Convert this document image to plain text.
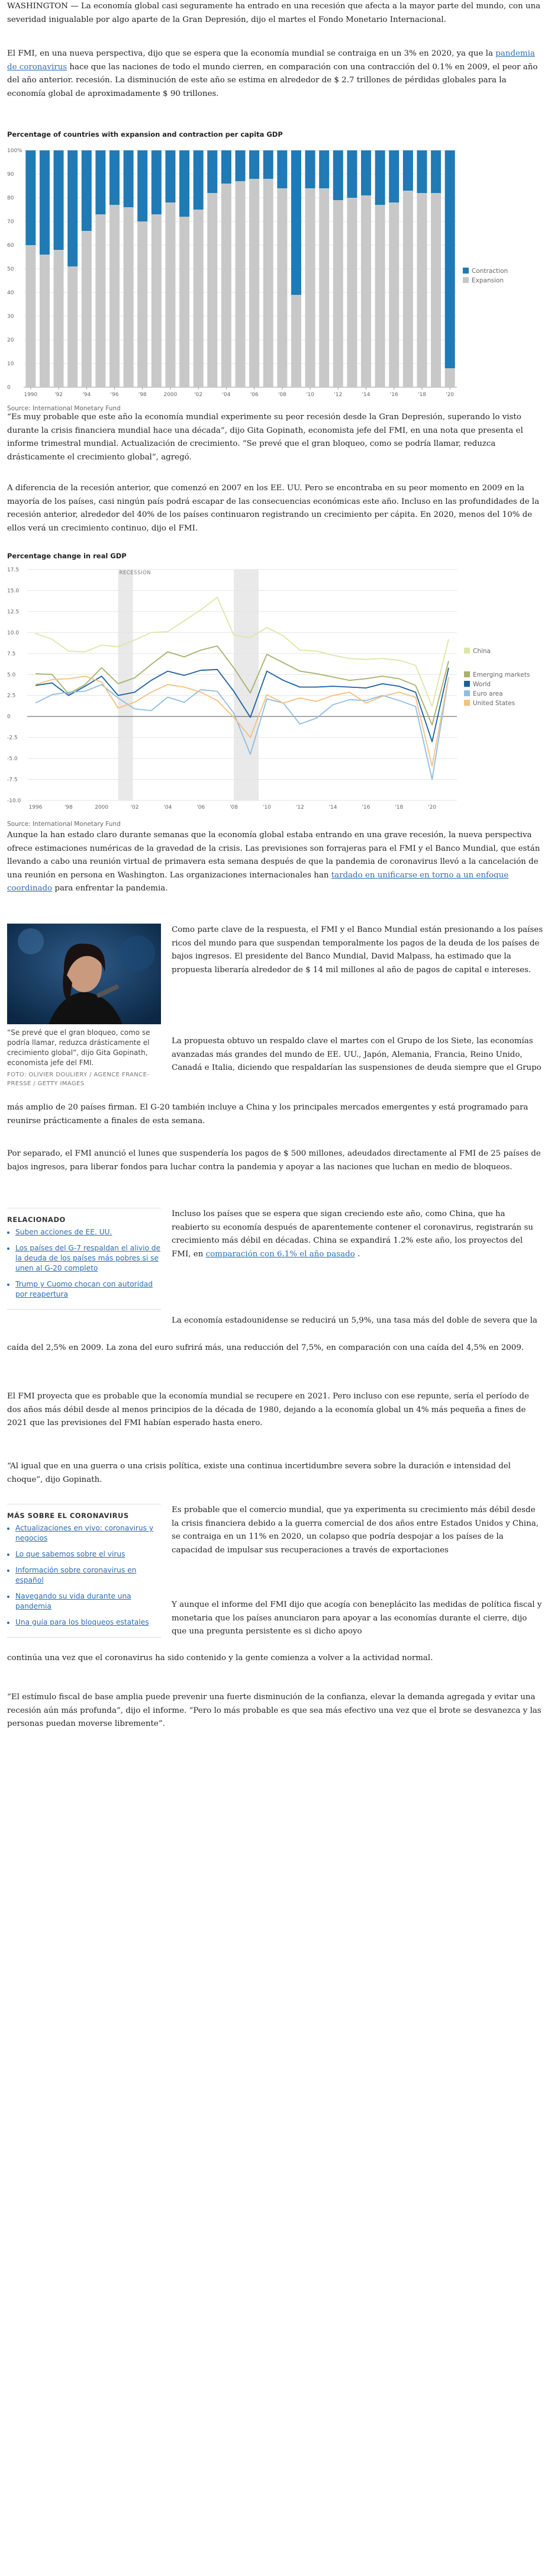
WASHINGTON — La economía global casi seguramente ha entrado en una recesión que afecta a la mayor parte del mundo, con una severidad inigualable por algo aparte de la Gran Depresión, dijo el martes el Fondo Monetario Internacional.

El FMI, en una nueva perspectiva, dijo que se espera que la economía mundial se contraiga en un 3% en 2020, ya que la pandemia de coronavirus hace que las naciones de todo el mundo cierren, en comparación con una contracción del 0.1% en 2009, el peor año del año anterior. recesión. La disminución de este año se estima en alrededor de $ 2.7 trillones de pérdidas globales para la economía global de aproximadamente $ 90 trillones.

Percentage of countries with expansion and contraction per capita GDP
0
10
20
30
40
50
60
70
80
90
100%
1990	'92	'94	'96	'98	2000	'02	'04	'06	'08	'10	'12	'14	'16	'18	'20
Contraction
Expansion
Source: International Monetary Fund

“Es muy probable que este año la economía mundial experimente su peor recesión desde la Gran Depresión, superando lo visto durante la crisis financiera mundial hace una década”, dijo Gita Gopinath, economista jefe del FMI, en una nota que presenta el informe trimestral mundial. Actualización de crecimiento. “Se prevé que el gran bloqueo, como se podría llamar, reduzca drásticamente el crecimiento global”, agregó.

A diferencia de la recesión anterior, que comenzó en 2007 en los EE. UU. Pero se encontraba en su peor momento en 2009 en la mayoría de los países, casi ningún país podrá escapar de las consecuencias económicas este año. Incluso en las profundidades de la recesión anterior, alrededor del 40% de los países continuaron registrando un crecimiento per cápita. En 2020, menos del 10% de ellos verá un crecimiento continuo, dijo el FMI.

Percentage change in real GDP
RECESSION
17.5
15.0
12.5
10.0
7.5
5.0
2.5
0
-2.5
-5.0
-7.5
-10.0
1996	'98	2000	'02	'04	'06	'08	'10	'12	'14	'16	'18	'20
China
Emerging markets
World
Euro area
United States
Source: International Monetary Fund

Aunque la han estado claro durante semanas que la economía global estaba entrando en una grave recesión, la nueva perspectiva ofrece estimaciones numéricas de la gravedad de la crisis. Las previsiones son forrajeras para el FMI y el Banco Mundial, que están llevando a cabo una reunión virtual de primavera esta semana después de que la pandemia de coronavirus llevó a la cancelación de una reunión en persona en Washington. Las organizaciones internacionales han tardado en unificarse en torno a un enfoque coordinado para enfrentar la pandemia.

“Se prevé que el gran bloqueo, como se podría llamar, reduzca drásticamente el crecimiento global”, dijo Gita Gopinath, economista jefe del FMI.
FOTO: OLIVIER DOULIERY / AGENCE FRANCE-PRESSE / GETTY IMAGES

Como parte clave de la respuesta, el FMI y el Banco Mundial están presionando a los países ricos del mundo para que suspendan temporalmente los pagos de la deuda de los países de bajos ingresos. El presidente del Banco Mundial, David Malpass, ha estimado que la propuesta liberaría alrededor de $ 14 mil millones al año de pagos de capital e intereses.

La propuesta obtuvo un respaldo clave el martes con el Grupo de los Siete, las economías avanzadas más grandes del mundo de EE. UU., Japón, Alemania, Francia, Reino Unido, Canadá e Italia, diciendo que respaldarían las suspensiones de deuda siempre que el Grupo

más amplio de 20 países firman. El G-20 también incluye a China y los principales mercados emergentes y está programado para reunirse prácticamente a finales de esta semana.

Por separado, el FMI anunció el lunes que suspendería los pagos de $ 500 millones, adeudados directamente al FMI de 25 países de bajos ingresos, para liberar fondos para luchar contra la pandemia y apoyar a las naciones que luchan en medio de bloqueos.

RELACIONADO
• Suben acciones de EE. UU.
• Los países del G-7 respaldan el alivio de la deuda de los países más pobres si se unen al G-20 completo
• Trump y Cuomo chocan con autoridad por reapertura

Incluso los países que se espera que sigan creciendo este año, como China, que ha reabierto su economía después de aparentemente contener el coronavirus, registrarán su crecimiento más débil en décadas. China se expandirá 1.2% este año, los proyectos del FMI, en comparación con 6.1% el año pasado .

La economía estadounidense se reducirá un 5,9%, una tasa más del doble de severa que la

caída del 2,5% en 2009. La zona del euro sufrirá más, una reducción del 7,5%, en comparación con una caída del 4,5% en 2009.

El FMI proyecta que es probable que la economía mundial se recupere en 2021. Pero incluso con ese repunte, sería el período de dos años más débil desde al menos principios de la década de 1980, dejando a la economía global un 4% más pequeña a fines de 2021 que las previsiones del FMI habían esperado hasta enero.

“Al igual que en una guerra o una crisis política, existe una continua incertidumbre severa sobre la duración e intensidad del choque”, dijo Gopinath.

MÁS SOBRE EL CORONAVIRUS
• Actualizaciones en vivo: coronavirus y negocios
• Lo que sabemos sobre el virus
• Información sobre coronavirus en español
• Navegando su vida durante una pandemia
• Una guía para los bloqueos estatales

Es probable que el comercio mundial, que ya experimenta su crecimiento más débil desde la crisis financiera debido a la guerra comercial de dos años entre Estados Unidos y China, se contraiga en un 11% en 2020, un colapso que podría despojar a los países de la capacidad de impulsar sus recuperaciones a través de exportaciones

Y aunque el informe del FMI dijo que acogía con beneplácito las medidas de política fiscal y monetaria que los países anunciaron para apoyar a las economías durante el cierre, dijo que una pregunta persistente es si dicho apoyo

continúa una vez que el coronavirus ha sido contenido y la gente comienza a volver a la actividad normal.

“El estímulo fiscal de base amplia puede prevenir una fuerte disminución de la confianza, elevar la demanda agregada y evitar una recesión aún más profunda”, dijo el informe. “Pero lo más probable es que sea más efectivo una vez que el brote se desvanezca y las personas puedan moverse libremente”.
